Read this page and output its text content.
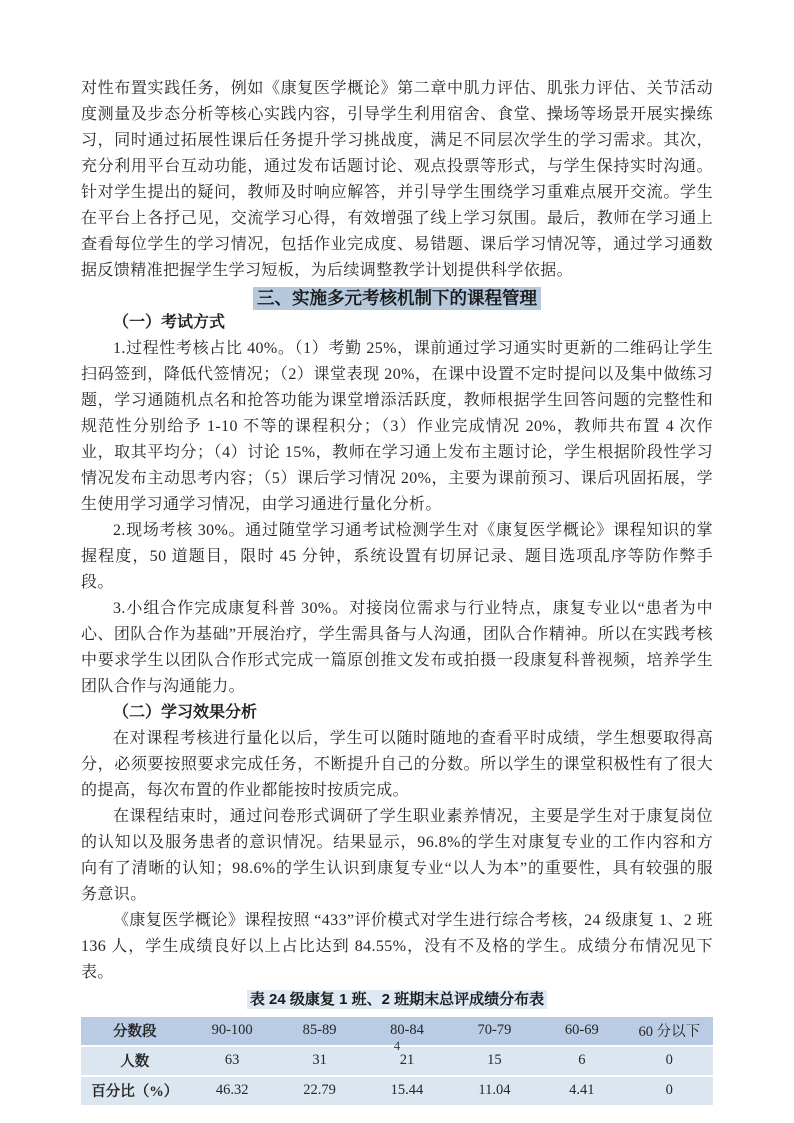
对性布置实践任务，例如《康复医学概论》第二章中肌力评估、肌张力评估、关节活动度测量及步态分析等核心实践内容，引导学生利用宿舍、食堂、操场等场景开展实操练习，同时通过拓展性课后任务提升学习挑战度，满足不同层次学生的学习需求。其次，充分利用平台互动功能，通过发布话题讨论、观点投票等形式，与学生保持实时沟通。针对学生提出的疑问，教师及时响应解答，并引导学生围绕学习重难点展开交流。学生在平台上各抒己见，交流学习心得，有效增强了线上学习氛围。最后，教师在学习通上查看每位学生的学习情况，包括作业完成度、易错题、课后学习情况等，通过学习通数据反馈精准把握学生学习短板，为后续调整教学计划提供科学依据。

三、实施多元考核机制下的课程管理
（一）考试方式

1.过程性考核占比 40%。（1）考勤 25%，课前通过学习通实时更新的二维码让学生扫码签到，降低代签情况；（2）课堂表现 20%，在课中设置不定时提问以及集中做练习题，学习通随机点名和抢答功能为课堂增添活跃度，教师根据学生回答问题的完整性和规范性分别给予 1-10 不等的课程积分；（3）作业完成情况 20%，教师共布置 4 次作业，取其平均分；（4）讨论 15%，教师在学习通上发布主题讨论，学生根据阶段性学习情况发布主动思考内容；（5）课后学习情况 20%，主要为课前预习、课后巩固拓展，学生使用学习通学习情况，由学习通进行量化分析。

2.现场考核 30%。通过随堂学习通考试检测学生对《康复医学概论》课程知识的掌握程度，50 道题目，限时 45 分钟，系统设置有切屏记录、题目选项乱序等防作弊手段。

3.小组合作完成康复科普 30%。对接岗位需求与行业特点，康复专业以“患者为中心、团队合作为基础”开展治疗，学生需具备与人沟通，团队合作精神。所以在实践考核中要求学生以团队合作形式完成一篇原创推文发布或拍摄一段康复科普视频，培养学生团队合作与沟通能力。

（二）学习效果分析

在对课程考核进行量化以后，学生可以随时随地的查看平时成绩，学生想要取得高分，必须要按照要求完成任务，不断提升自己的分数。所以学生的课堂积极性有了很大的提高，每次布置的作业都能按时按质完成。

在课程结束时，通过问卷形式调研了学生职业素养情况，主要是学生对于康复岗位的认知以及服务患者的意识情况。结果显示，96.8%的学生对康复专业的工作内容和方向有了清晰的认知；98.6%的学生认识到康复专业“以人为本”的重要性，具有较强的服务意识。

《康复医学概论》课程按照 “433”评价模式对学生进行综合考核，24 级康复 1、2 班 136 人，学生成绩良好以上占比达到 84.55%，没有不及格的学生。成绩分布情况见下表。

表 24 级康复 1 班、2 班期末总评成绩分布表
分数段	90-100	85-89	80-84	70-79	60-69	60 分以下
人数	63	31	21	15	6	0
百分比（%）	46.32	22.79	15.44	11.04	4.41	0
4
